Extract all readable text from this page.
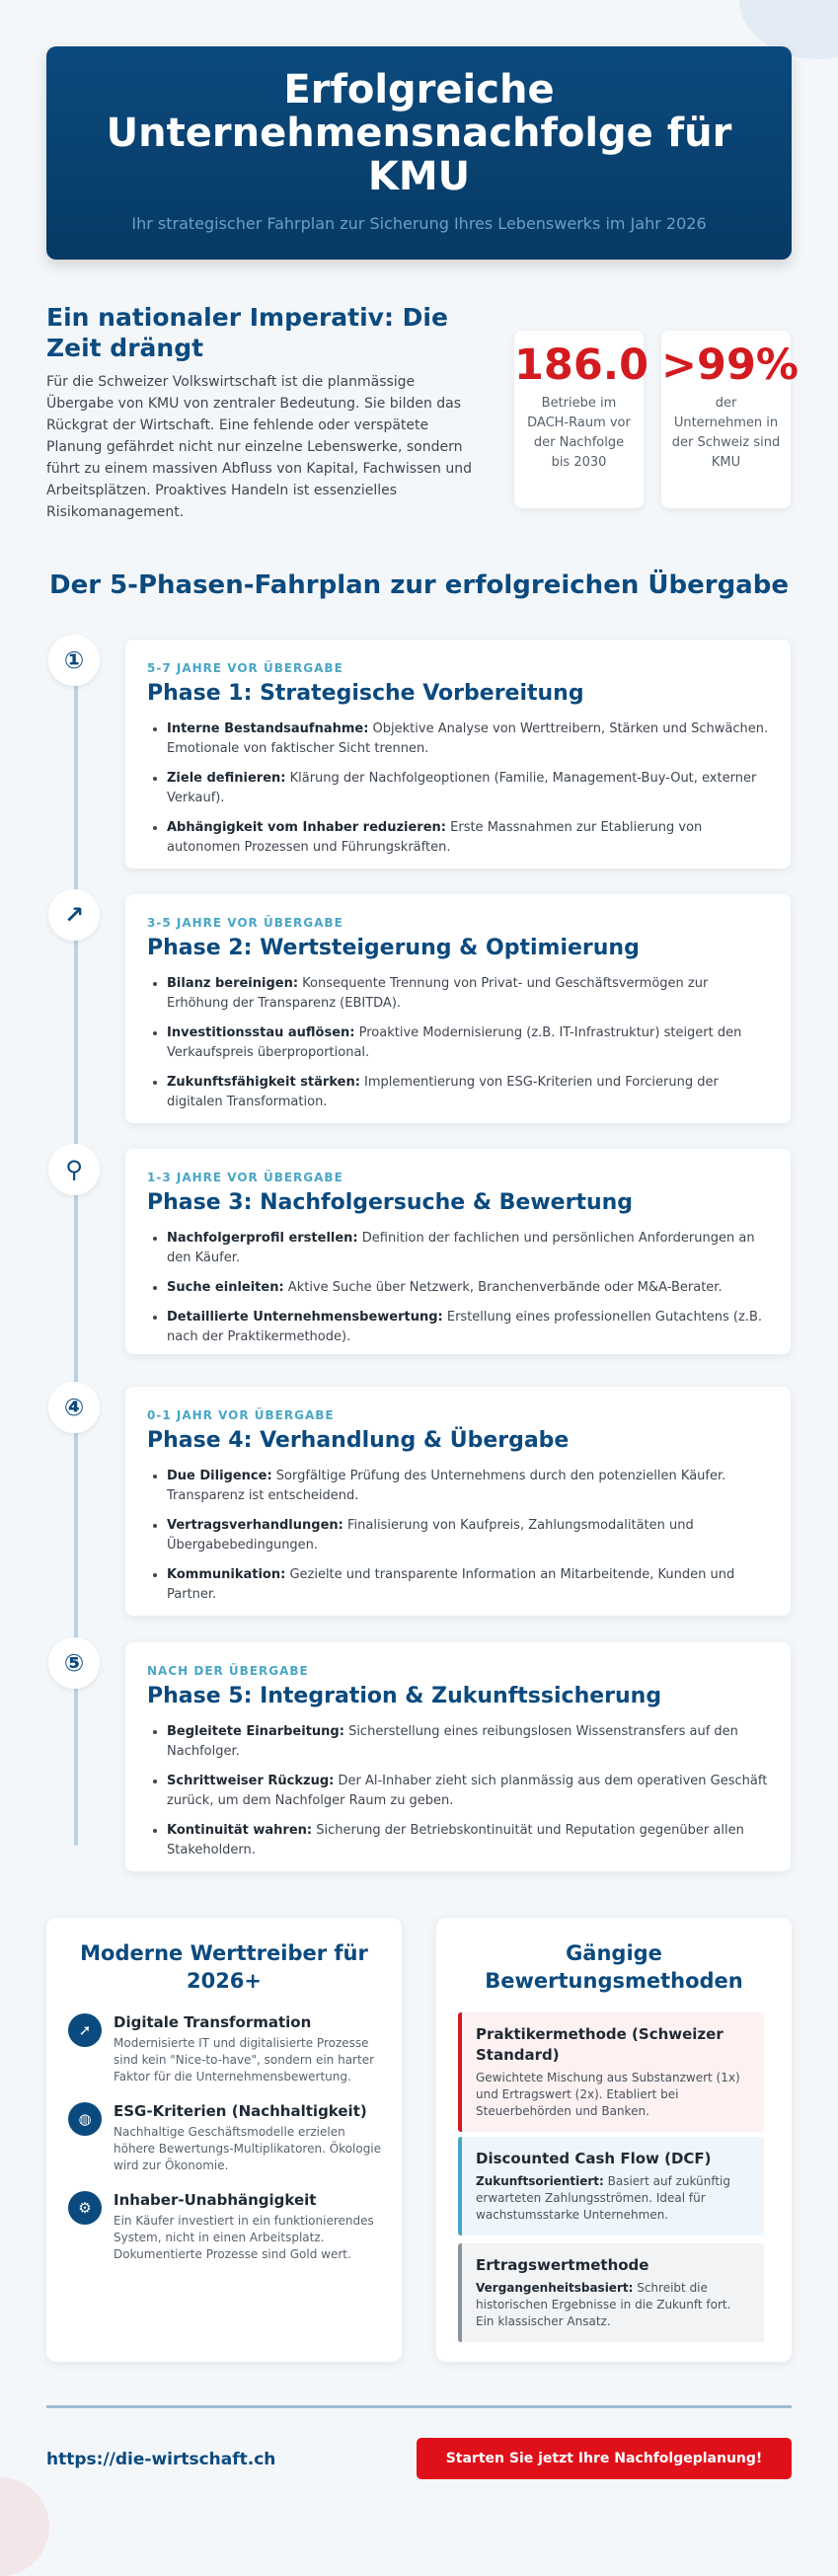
Erfolgreiche Unternehmensnachfolge für KMU

Ihr strategischer Fahrplan zur Sicherung Ihres Lebenswerks im Jahr 2026

Ein nationaler Imperativ: Die Zeit drängt

Für die Schweizer Volkswirtschaft ist die planmässige Übergabe von KMU von zentraler Bedeutung. Sie bilden das Rückgrat der Wirtschaft. Eine fehlende oder verspätete Planung gefährdet nicht nur einzelne Lebenswerke, sondern führt zu einem massiven Abfluss von Kapital, Fachwissen und Arbeitsplätzen. Proaktives Handeln ist essenzielles Risikomanagement.

186.0
Betriebe im DACH-Raum vor der Nachfolge bis 2030
>99%
der Unternehmen in der Schweiz sind KMU
Der 5-Phasen-Fahrplan zur erfolgreichen Übergabe
①	5-7 JAHRE VOR ÜBERGABE

Phase 1: Strategische Vorbereitung
• Interne Bestandsaufnahme: Objektive Analyse von Werttreibern, Stärken und Schwächen. Emotionale von faktischer Sicht trennen.
• Ziele definieren: Klärung der Nachfolgeoptionen (Familie, Management-Buy-Out, externer Verkauf).
• Abhängigkeit vom Inhaber reduzieren: Erste Massnahmen zur Etablierung von autonomen Prozessen und Führungskräften.
↗	3-5 JAHRE VOR ÜBERGABE

Phase 2: Wertsteigerung & Optimierung
• Bilanz bereinigen: Konsequente Trennung von Privat- und Geschäftsvermögen zur Erhöhung der Transparenz (EBITDA).
• Investitionsstau auflösen: Proaktive Modernisierung (z.B. IT-Infrastruktur) steigert den Verkaufspreis überproportional.
• Zukunftsfähigkeit stärken: Implementierung von ESG-Kriterien und Forcierung der digitalen Transformation.
⚲	1-3 JAHRE VOR ÜBERGABE

Phase 3: Nachfolgersuche & Bewertung
• Nachfolgerprofil erstellen: Definition der fachlichen und persönlichen Anforderungen an den Käufer.
• Suche einleiten: Aktive Suche über Netzwerk, Branchenverbände oder M&A-Berater.
• Detaillierte Unternehmensbewertung: Erstellung eines professionellen Gutachtens (z.B. nach der Praktikermethode).
④	0-1 JAHR VOR ÜBERGABE

Phase 4: Verhandlung & Übergabe
• Due Diligence: Sorgfältige Prüfung des Unternehmens durch den potenziellen Käufer. Transparenz ist entscheidend.
• Vertragsverhandlungen: Finalisierung von Kaufpreis, Zahlungsmodalitäten und Übergabebedingungen.
• Kommunikation: Gezielte und transparente Information an Mitarbeitende, Kunden und Partner.
⑤	NACH DER ÜBERGABE

Phase 5: Integration & Zukunftssicherung
• Begleitete Einarbeitung: Sicherstellung eines reibungslosen Wissenstransfers auf den Nachfolger.
• Schrittweiser Rückzug: Der Al-Inhaber zieht sich planmässig aus dem operativen Geschäft zurück, um dem Nachfolger Raum zu geben.
• Kontinuität wahren: Sicherung der Betriebskontinuität und Reputation gegenüber allen Stakeholdern.
Moderne Werttreiber für 2026+
➚	Digitale Transformation
Modernisierte IT und digitalisierte Prozesse sind kein "Nice-to-have", sondern ein harter Faktor für die Unternehmensbewertung.
◍	ESG-Kriterien (Nachhaltigkeit)
Nachhaltige Geschäftsmodelle erzielen höhere Bewertungs-Multiplikatoren. Ökologie wird zur Ökonomie.
⚙	Inhaber-Unabhängigkeit
Ein Käufer investiert in ein funktionierendes System, nicht in einen Arbeitsplatz. Dokumentierte Prozesse sind Gold wert.
Gängige Bewertungsmethoden
Praktikermethode (Schweizer Standard)
Gewichtete Mischung aus Substanzwert (1x) und Ertragswert (2x). Etabliert bei Steuerbehörden und Banken.
Discounted Cash Flow (DCF)
Zukunftsorientiert: Basiert auf zukünftig erwarteten Zahlungsströmen. Ideal für wachstumsstarke Unternehmen.
Ertragswertmethode
Vergangenheitsbasiert: Schreibt die historischen Ergebnisse in die Zukunft fort. Ein klassischer Ansatz.
https://die-wirtschaft.ch	Starten Sie jetzt Ihre Nachfolgeplanung!
